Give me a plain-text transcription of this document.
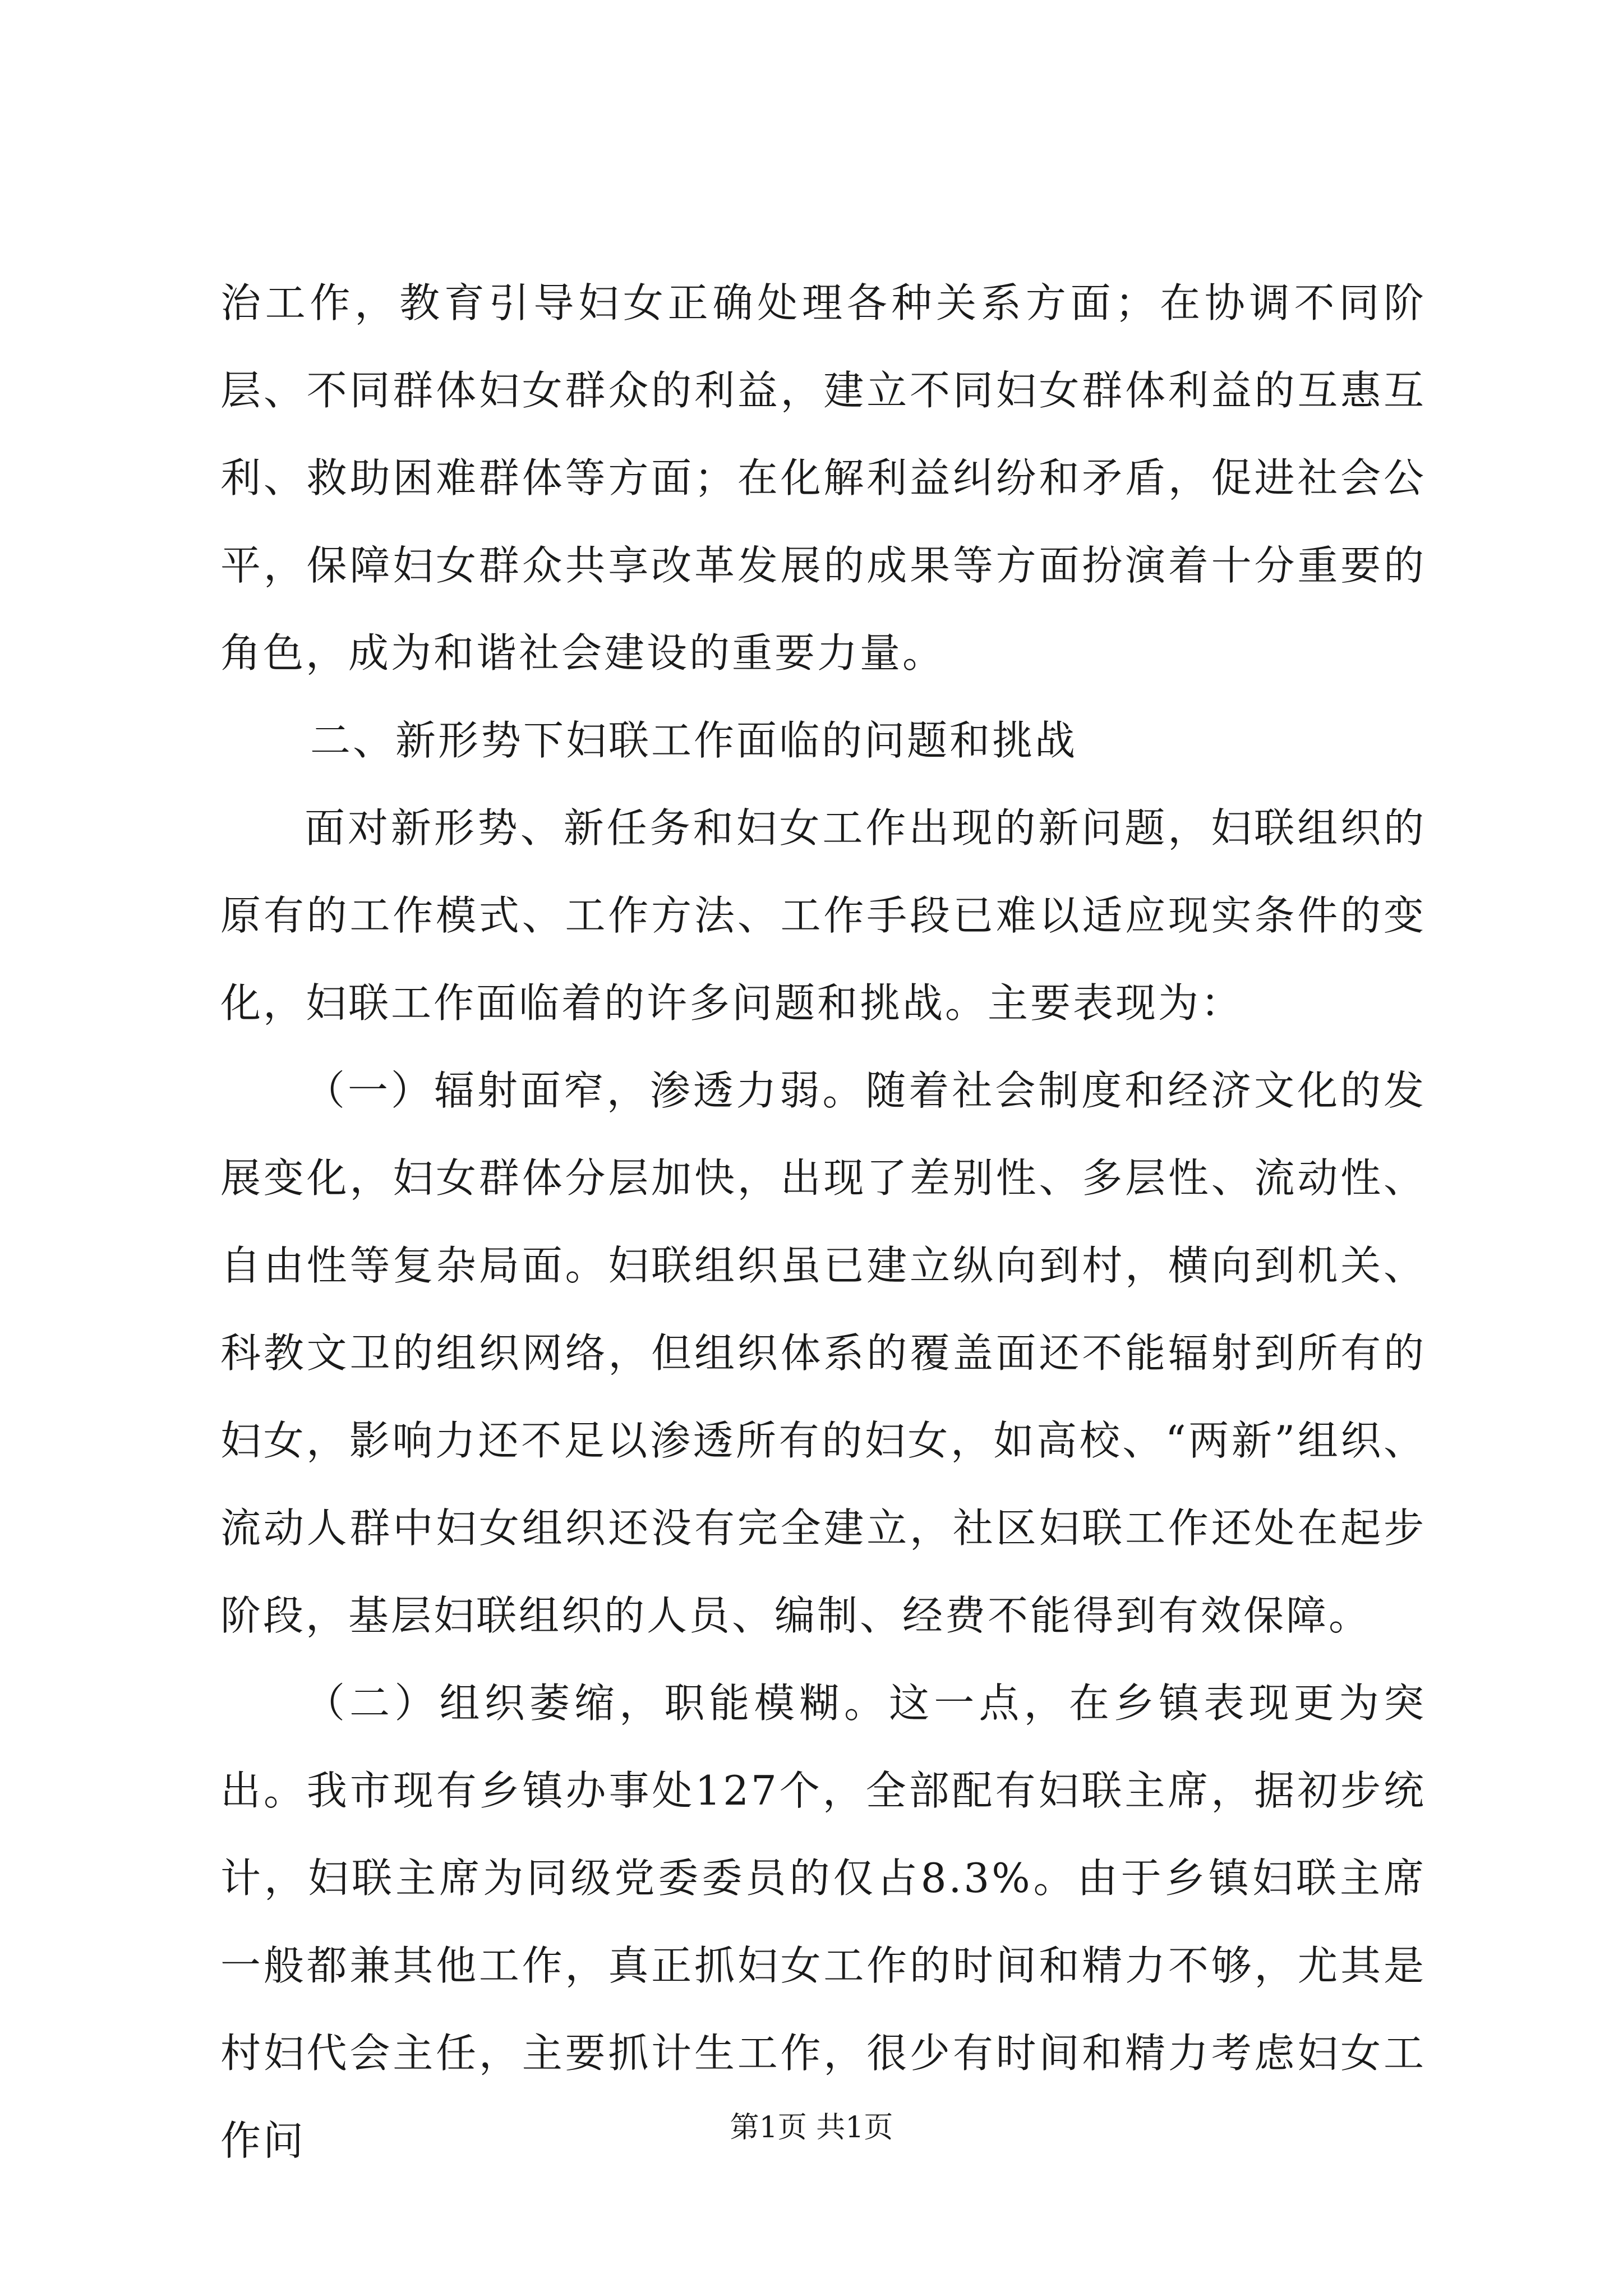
治工作，教育引导妇女正确处理各种关系方面；在协调不同阶层、不同群体妇女群众的利益，建立不同妇女群体利益的互惠互利、救助困难群体等方面；在化解利益纠纷和矛盾，促进社会公平，保障妇女群众共享改革发展的成果等方面扮演着十分重要的角色，成为和谐社会建设的重要力量。

二、新形势下妇联工作面临的问题和挑战

面对新形势、新任务和妇女工作出现的新问题，妇联组织的原有的工作模式、工作方法、工作手段已难以适应现实条件的变化，妇联工作面临着的许多问题和挑战。主要表现为：

（一）辐射面窄，渗透力弱。随着社会制度和经济文化的发展变化，妇女群体分层加快，出现了差别性、多层性、流动性、自由性等复杂局面。妇联组织虽已建立纵向到村，横向到机关、科教文卫的组织网络，但组织体系的覆盖面还不能辐射到所有的妇女，影响力还不足以渗透所有的妇女，如高校、“两新”组织、流动人群中妇女组织还没有完全建立，社区妇联工作还处在起步阶段，基层妇联组织的人员、编制、经费不能得到有效保障。

（二）组织萎缩，职能模糊。这一点，在乡镇表现更为突出。我市现有乡镇办事处127个，全部配有妇联主席，据初步统计，妇联主席为同级党委委员的仅占8.3%。由于乡镇妇联主席一般都兼其他工作，真正抓妇女工作的时间和精力不够，尤其是村妇代会主任，主要抓计生工作，很少有时间和精力考虑妇女工作问	第1页 共1页
